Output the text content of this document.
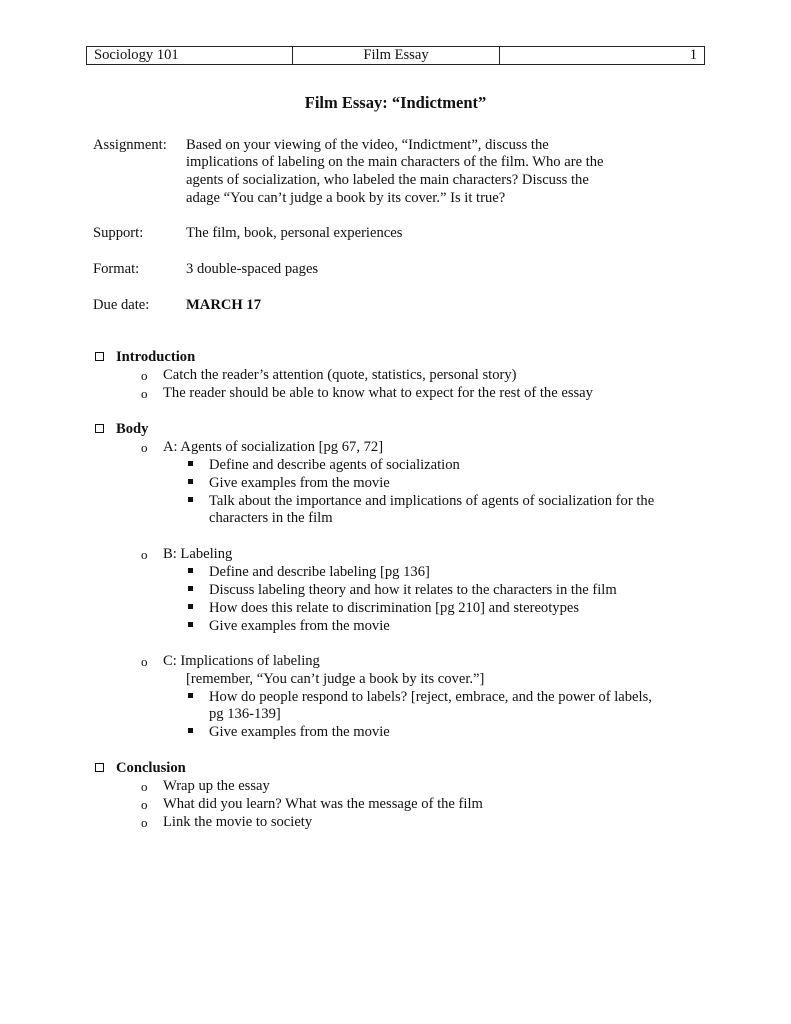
Sociology 101	Film Essay	1
Film Essay: “Indictment”
Assignment: Based on your viewing of the video, “Indictment”, discuss the
implications of labeling on the main characters of the film. Who are the
agents of socialization, who labeled the main characters? Discuss the
adage “You can’t judge a book by its cover.” Is it true?
Support:	The film, book, personal experiences
Format:	3 double-spaced pages
Due date:	MARCH 17
Introduction
o Catch the reader’s attention (quote, statistics, personal story)
o The reader should be able to know what to expect for the rest of the essay
Body
o A: Agents of socialization [pg 67, 72]
Define and describe agents of socialization
Give examples from the movie
Talk about the importance and implications of agents of socialization for the
characters in the film
o B: Labeling
Define and describe labeling [pg 136]
Discuss labeling theory and how it relates to the characters in the film
How does this relate to discrimination [pg 210] and stereotypes
Give examples from the movie
o C: Implications of labeling
[remember, “You can’t judge a book by its cover.”]
How do people respond to labels? [reject, embrace, and the power of labels,
pg 136-139]
Give examples from the movie
Conclusion
o Wrap up the essay
o What did you learn? What was the message of the film
o Link the movie to society
